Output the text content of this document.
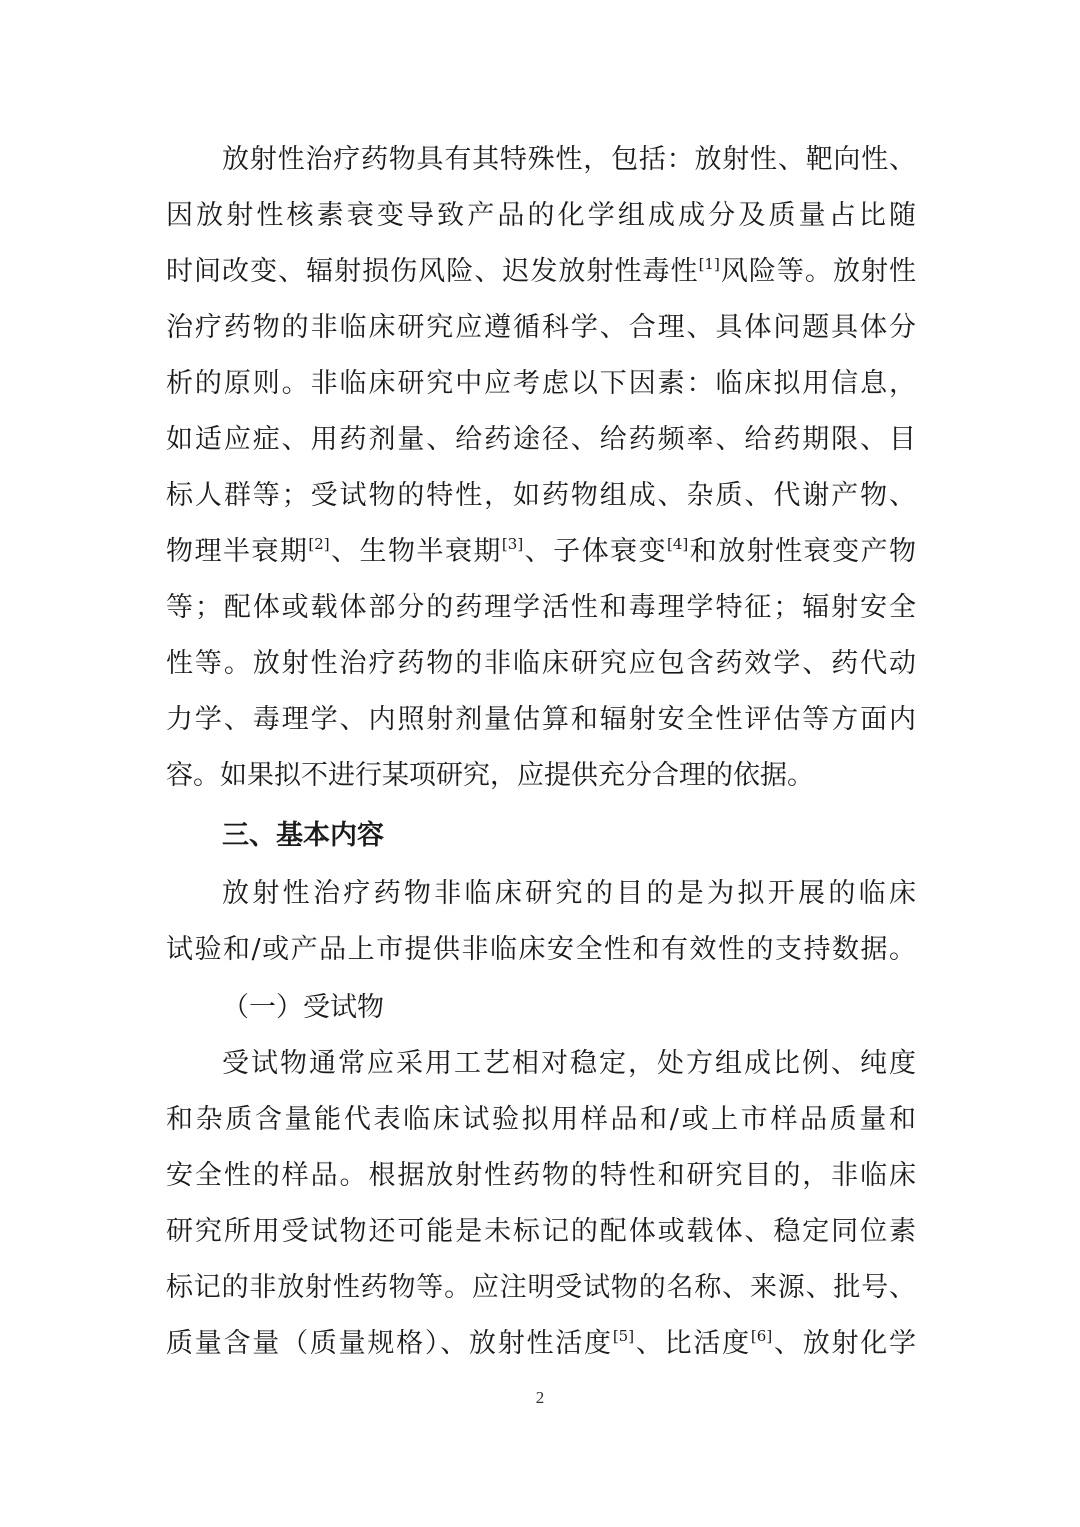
放射性治疗药物具有其特殊性，包括：放射性、靶向性、
因放射性核素衰变导致产品的化学组成成分及质量占比随
时间改变、辐射损伤风险、迟发放射性毒性[1]风险等。放射性
治疗药物的非临床研究应遵循科学、合理、具体问题具体分
析的原则。非临床研究中应考虑以下因素：临床拟用信息，
如适应症、用药剂量、给药途径、给药频率、给药期限、目
标人群等；受试物的特性，如药物组成、杂质、代谢产物、
物理半衰期[2]、生物半衰期[3]、子体衰变[4]和放射性衰变产物
等；配体或载体部分的药理学活性和毒理学特征；辐射安全
性等。放射性治疗药物的非临床研究应包含药效学、药代动
力学、毒理学、内照射剂量估算和辐射安全性评估等方面内
容。如果拟不进行某项研究，应提供充分合理的依据。
三、基本内容
放射性治疗药物非临床研究的目的是为拟开展的临床
试验和/或产品上市提供非临床安全性和有效性的支持数据。
（一）受试物
受试物通常应采用工艺相对稳定，处方组成比例、纯度
和杂质含量能代表临床试验拟用样品和/或上市样品质量和
安全性的样品。根据放射性药物的特性和研究目的，非临床
研究所用受试物还可能是未标记的配体或载体、稳定同位素
标记的非放射性药物等。应注明受试物的名称、来源、批号、
质量含量（质量规格）、放射性活度[5]、比活度[6]、放射化学
2
